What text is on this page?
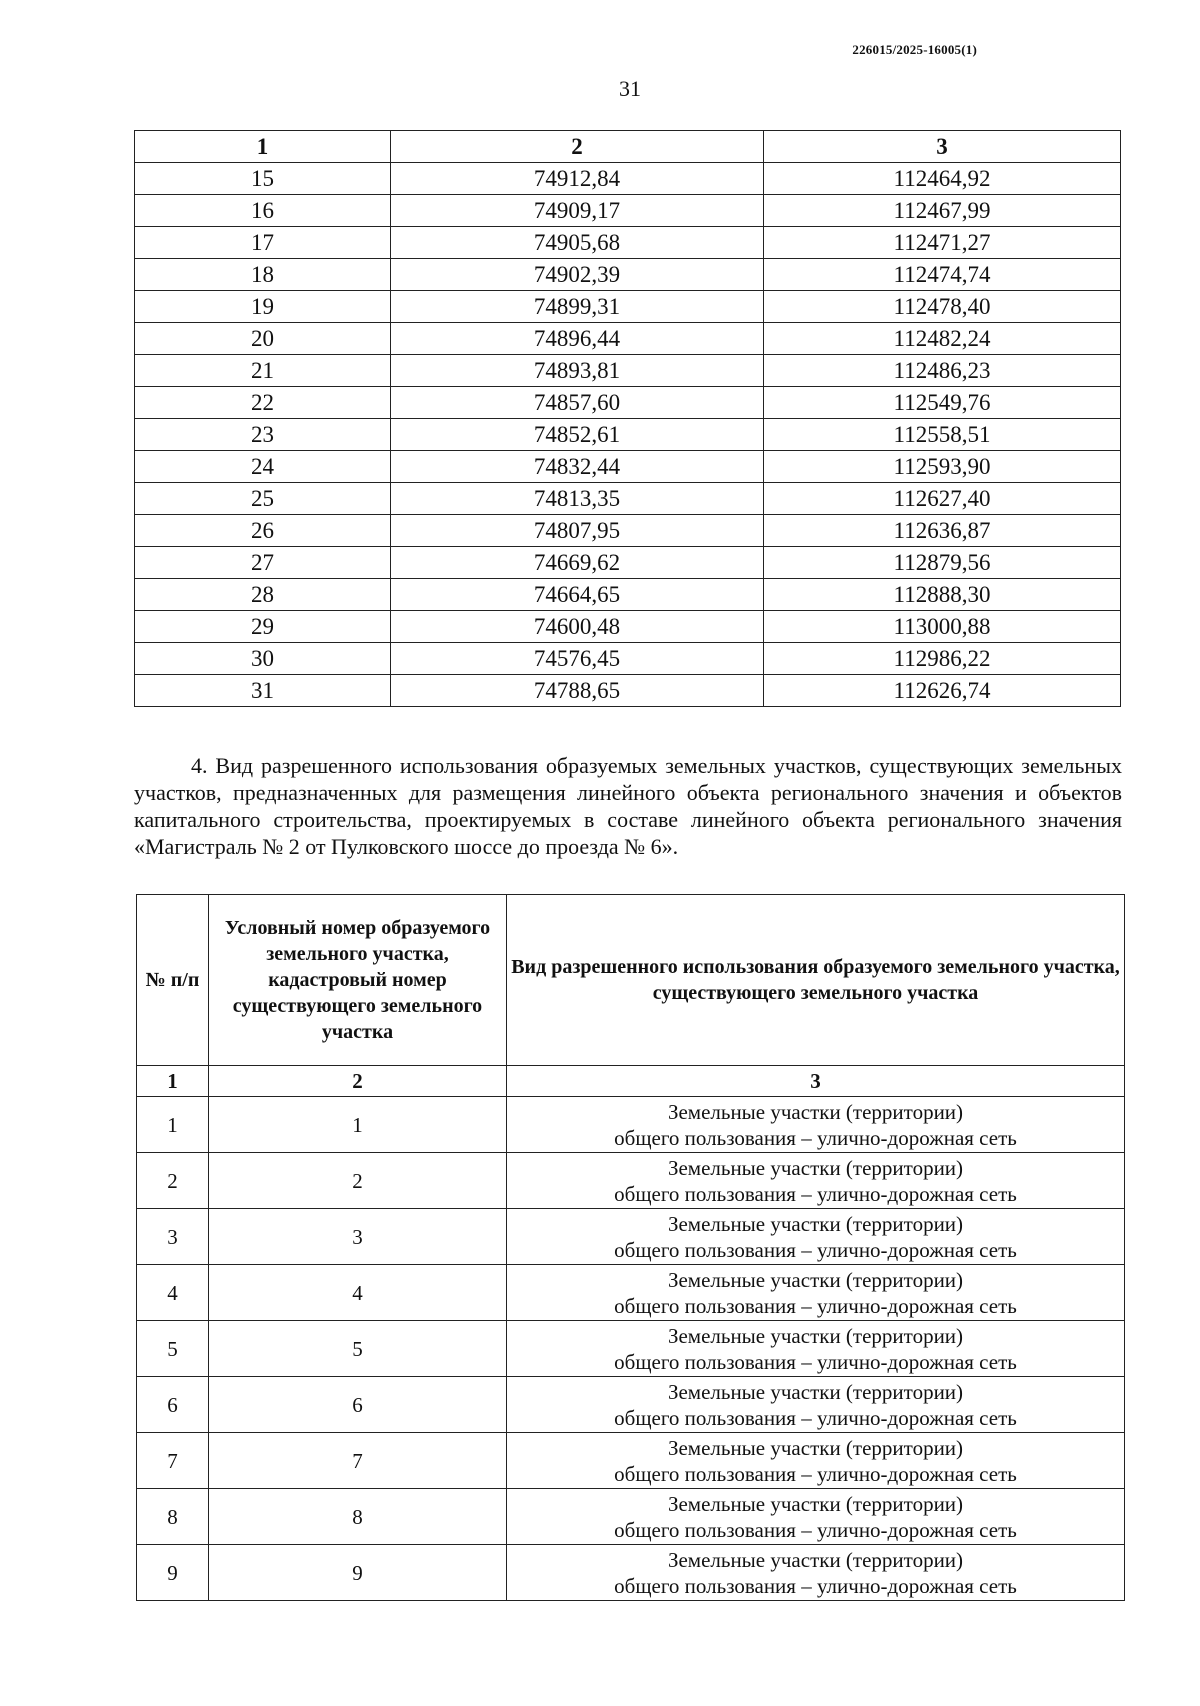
226015/2025-16005(1)
31
1	2	3
15	74912,84	112464,92
16	74909,17	112467,99
17	74905,68	112471,27
18	74902,39	112474,74
19	74899,31	112478,40
20	74896,44	112482,24
21	74893,81	112486,23
22	74857,60	112549,76
23	74852,61	112558,51
24	74832,44	112593,90
25	74813,35	112627,40
26	74807,95	112636,87
27	74669,62	112879,56
28	74664,65	112888,30
29	74600,48	113000,88
30	74576,45	112986,22
31	74788,65	112626,74

4. Вид разрешенного использования образуемых земельных участков, существующих земельных участков, предназначенных для размещения линейного объекта регионального значения и объектов капитального строительства, проектируемых в составе линейного объекта регионального значения «Магистраль № 2 от Пулковского шоссе до проезда № 6».

№ п/п	Условный номер образуемого земельного участка, кадастровый номер существующего земельного участка	Вид разрешенного использования образуемого земельного участка, существующего земельного участка
1	2	3
1	1	Земельные участки (территории)
общего пользования – улично-дорожная сеть

2	2	Земельные участки (территории)
общего пользования – улично-дорожная сеть

3	3	Земельные участки (территории)
общего пользования – улично-дорожная сеть

4	4	Земельные участки (территории)
общего пользования – улично-дорожная сеть

5	5	Земельные участки (территории)
общего пользования – улично-дорожная сеть

6	6	Земельные участки (территории)
общего пользования – улично-дорожная сеть

7	7	Земельные участки (территории)
общего пользования – улично-дорожная сеть

8	8	Земельные участки (территории)
общего пользования – улично-дорожная сеть

9	9	Земельные участки (территории)
общего пользования – улично-дорожная сеть
